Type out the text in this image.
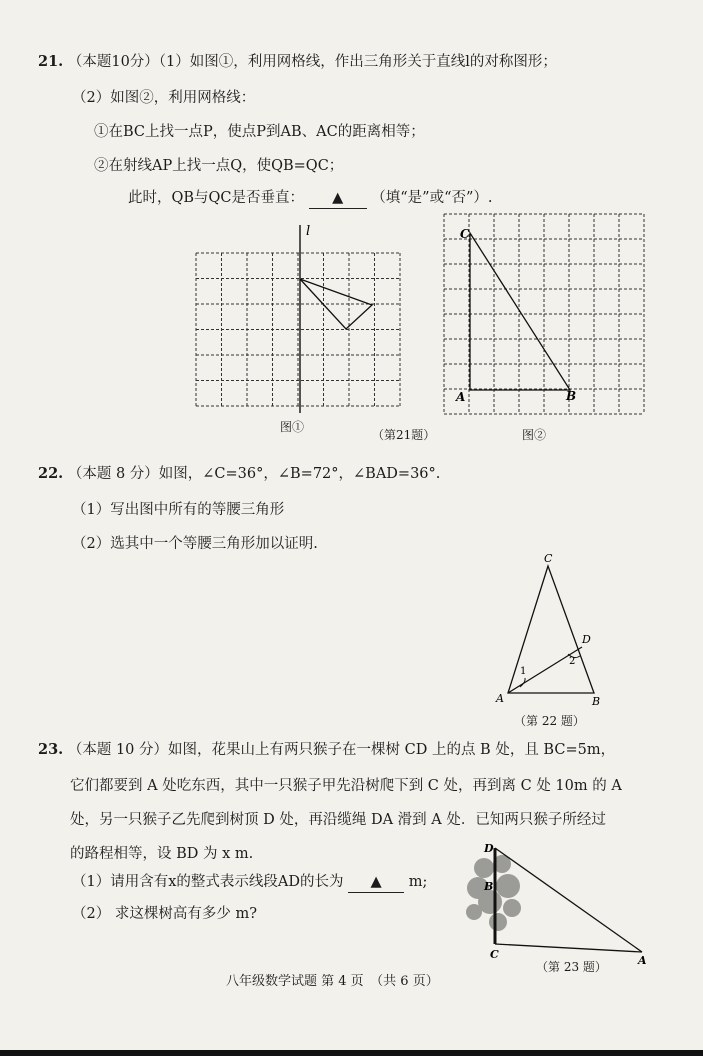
21. （本题10分）（1）如图①，利用网格线，作出三角形关于直线l的对称图形；
（2）如图②，利用网格线：
①在BC上找一点P，使点P到AB、AC的距离相等；
②在射线AP上找一点Q，使QB=QC；
此时，QB与QC是否垂直： ▲ （填“是”或“否”）.
l
图①
（第21题）
C
A	B
图②
22. （本题 8 分）如图，∠C=36°，∠B=72°，∠BAD=36°.
（1）写出图中所有的等腰三角形
（2）选其中一个等腰三角形加以证明.
C
D
A	B
1
2
（第 22 题）
23. （本题 10 分）如图，花果山上有两只猴子在一棵树 CD 上的点 B 处，且 BC=5m，
它们都要到 A 处吃东西，其中一只猴子甲先沿树爬下到 C 处，再到离 C 处 10m 的 A
处，另一只猴子乙先爬到树顶 D 处，再沿缆绳 DA 滑到 A 处．已知两只猴子所经过
的路程相等，设 BD 为 x m.
（1）请用含有x的整式表示线段AD的长为 ▲ m;
（2） 求这棵树高有多少 m?
D
B
C	A
（第 23 题）
八年级数学试题 第 4 页　（共 6 页）
